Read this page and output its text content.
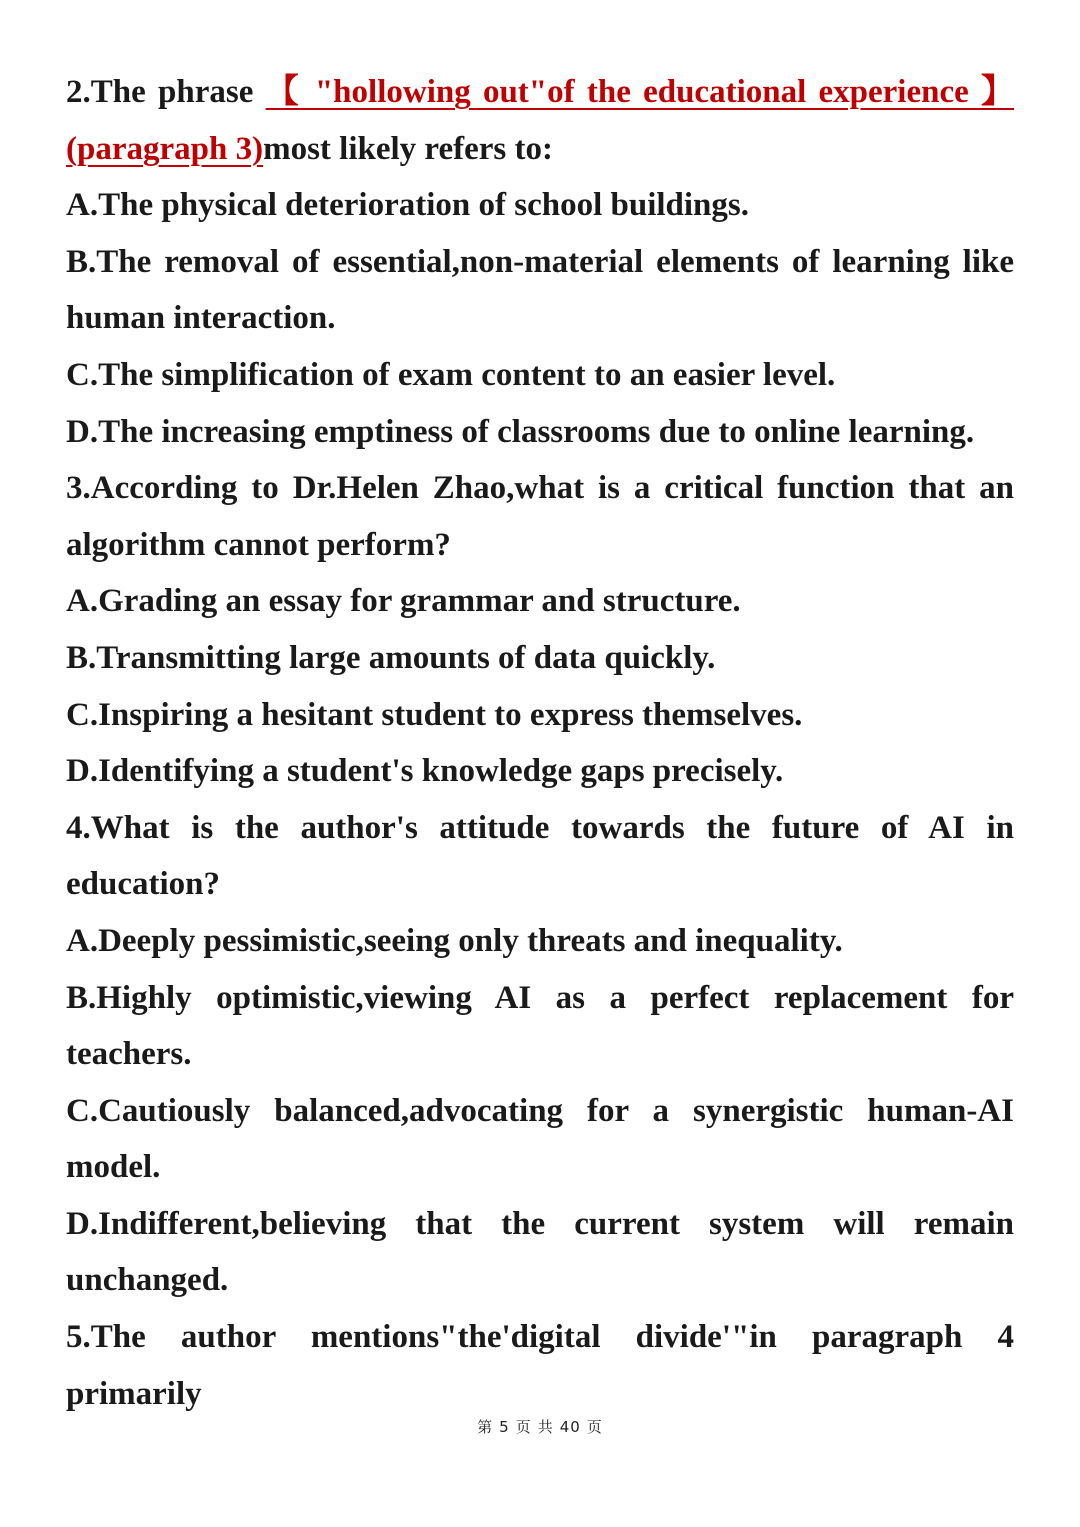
2.The phrase 【 "hollowing out"of the educational experience 】
(paragraph 3)most likely refers to:
A.The physical deterioration of school buildings.
B.The removal of essential,non-material elements of learning like
human interaction.
C.The simplification of exam content to an easier level.
D.The increasing emptiness of classrooms due to online learning.
3.According to Dr.Helen Zhao,what is a critical function that an
algorithm cannot perform?
A.Grading an essay for grammar and structure.
B.Transmitting large amounts of data quickly.
C.Inspiring a hesitant student to express themselves.
D.Identifying a student's knowledge gaps precisely.
4.What is the author's attitude towards the future of AI in
education?
A.Deeply pessimistic,seeing only threats and inequality.
B.Highly optimistic,viewing AI as a perfect replacement for
teachers.
C.Cautiously balanced,advocating for a synergistic human-AI
model.
D.Indifferent,believing that the current system will remain
unchanged.
5.The author mentions"the'digital divide'"in paragraph 4 primarily
第 5 页 共 40 页
